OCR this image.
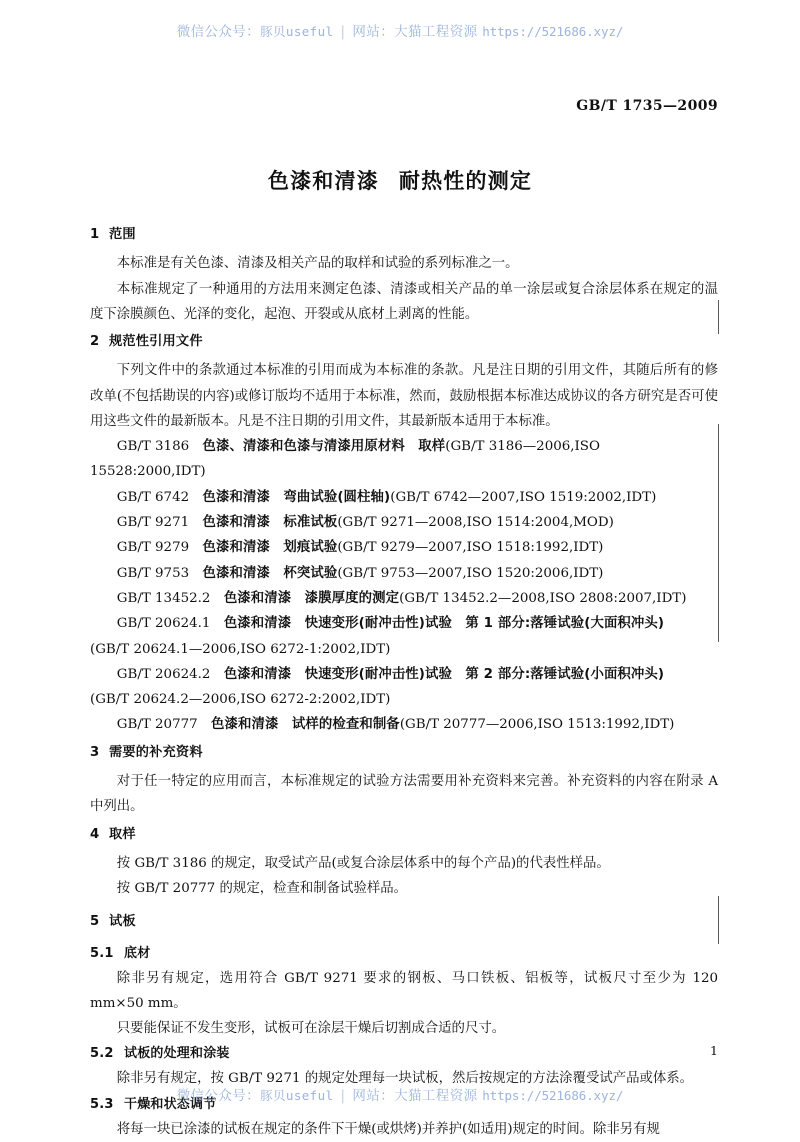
微信公众号：豚贝useful | 网站：大猫工程资源 https://521686.xyz/
GB/T 1735—2009
色漆和清漆 耐热性的测定
1 范围

本标准是有关色漆、清漆及相关产品的取样和试验的系列标准之一。

本标准规定了一种通用的方法用来测定色漆、清漆或相关产品的单一涂层或复合涂层体系在规定的温度下涂膜颜色、光泽的变化，起泡、开裂或从底材上剥离的性能。

2 规范性引用文件

下列文件中的条款通过本标准的引用而成为本标准的条款。凡是注日期的引用文件，其随后所有的修改单(不包括勘误的内容)或修订版均不适用于本标准，然而，鼓励根据本标准达成协议的各方研究是否可使用这些文件的最新版本。凡是不注日期的引用文件，其最新版本适用于本标准。

GB/T 3186  色漆、清漆和色漆与清漆用原材料  取样(GB/T 3186—2006,ISO 15528:2000,IDT)

GB/T 6742  色漆和清漆  弯曲试验(圆柱轴)(GB/T 6742—2007,ISO 1519:2002,IDT)

GB/T 9271  色漆和清漆  标准试板(GB/T 9271—2008,ISO 1514:2004,MOD)

GB/T 9279  色漆和清漆  划痕试验(GB/T 9279—2007,ISO 1518:1992,IDT)

GB/T 9753  色漆和清漆  杯突试验(GB/T 9753—2007,ISO 1520:2006,IDT)

GB/T 13452.2  色漆和清漆  漆膜厚度的测定(GB/T 13452.2—2008,ISO 2808:2007,IDT)

GB/T 20624.1  色漆和清漆  快速变形(耐冲击性)试验  第 1 部分:落锤试验(大面积冲头)

(GB/T 20624.1—2006,ISO 6272-1:2002,IDT)

GB/T 20624.2  色漆和清漆  快速变形(耐冲击性)试验  第 2 部分:落锤试验(小面积冲头)

(GB/T 20624.2—2006,ISO 6272-2:2002,IDT)

GB/T 20777  色漆和清漆  试样的检查和制备(GB/T 20777—2006,ISO 1513:1992,IDT)

3 需要的补充资料

对于任一特定的应用而言，本标准规定的试验方法需要用补充资料来完善。补充资料的内容在附录 A 中列出。

4 取样

按 GB/T 3186 的规定，取受试产品(或复合涂层体系中的每个产品)的代表性样品。

按 GB/T 20777 的规定，检查和制备试验样品。

5 试板
5.1 底材

除非另有规定，选用符合 GB/T 9271 要求的钢板、马口铁板、铝板等，试板尺寸至少为 120 mm×50 mm。

只要能保证不发生变形，试板可在涂层干燥后切割成合适的尺寸。

5.2 试板的处理和涂装

除非另有规定，按 GB/T 9271 的规定处理每一块试板，然后按规定的方法涂覆受试产品或体系。

5.3 干燥和状态调节

将每一块已涂漆的试板在规定的条件下干燥(或烘烤)并养护(如适用)规定的时间。除非另有规

1
微信公众号：豚贝useful | 网站：大猫工程资源 https://521686.xyz/
